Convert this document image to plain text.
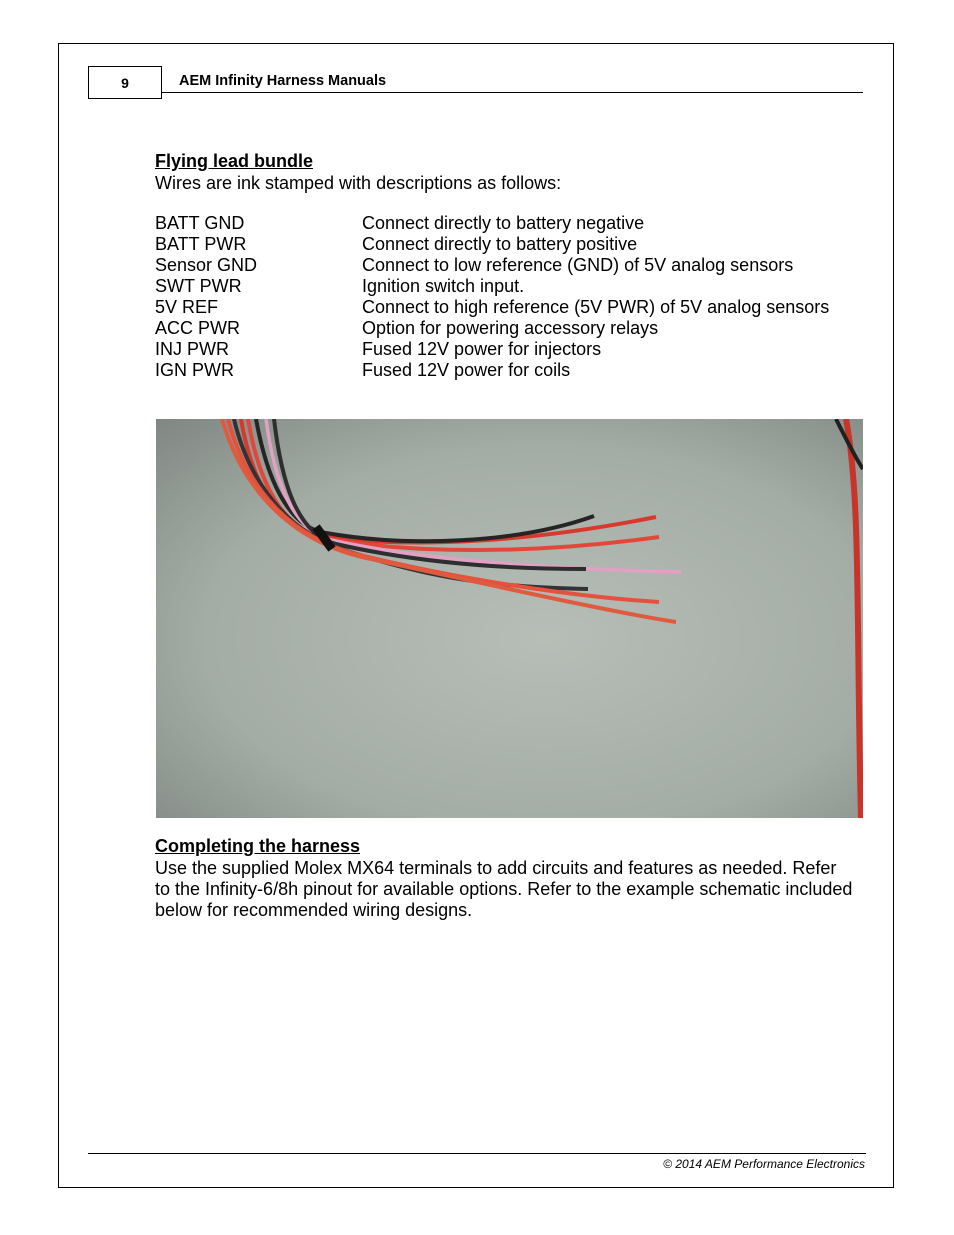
9	AEM Infinity Harness Manuals
Flying lead bundle
Wires are ink stamped with descriptions as follows:
BATT GND	Connect directly to battery negative
BATT PWR	Connect directly to battery positive
Sensor GND	Connect to low reference (GND) of 5V analog sensors
SWT PWR	Ignition switch input.
5V REF	Connect to high reference (5V PWR) of 5V analog sensors
ACC PWR	Option for powering accessory relays
INJ PWR	Fused 12V power for injectors
IGN PWR	Fused 12V power for coils
Completing the harness
Use the supplied Molex MX64 terminals to add circuits and features as needed. Refer
to the Infinity-6/8h pinout for available options. Refer to the example schematic included
below for recommended wiring designs.
© 2014 AEM Performance Electronics
